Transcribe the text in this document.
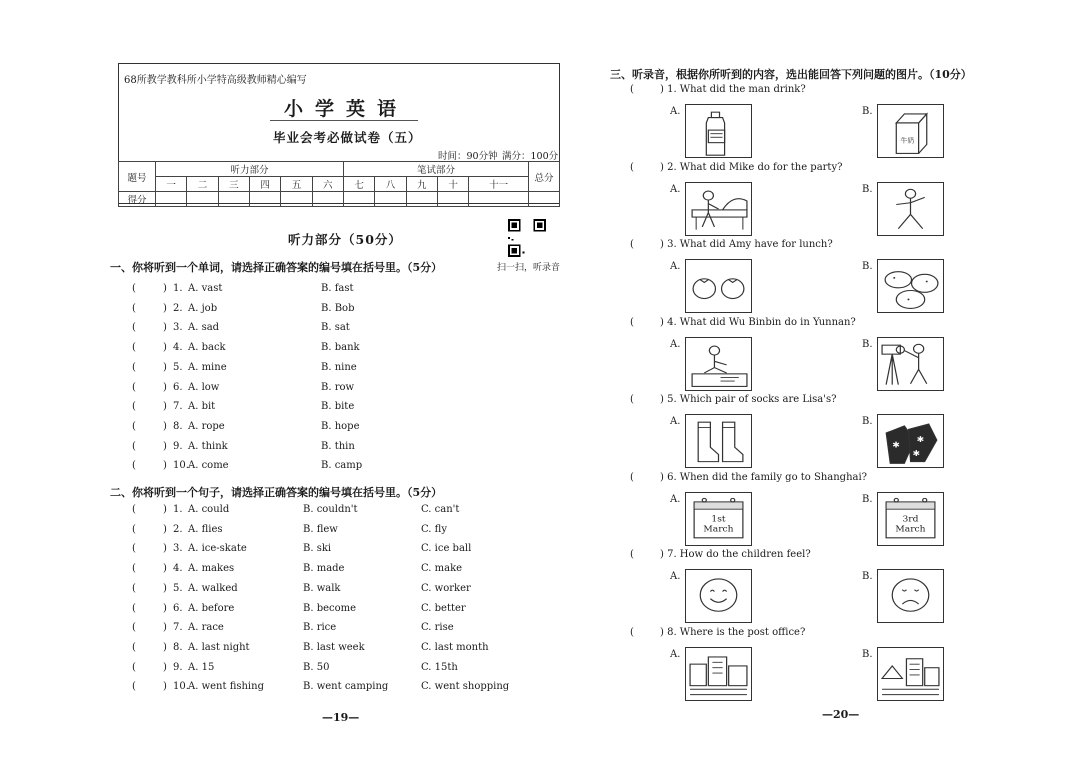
68所教学教科所小学特高级教师精心编写
小学英语
毕业会考必做试卷（五）
时间：90分钟 满分：100分
题号	听力部分						笔试部分					总分
	一	二	三	四	五	六	七	八	九	十	十一	
得分												
听力部分（50分）
扫一扫，听录音
一、你将听到一个单词，请选择正确答案的编号填在括号里。（5分）
(	) 1. A. vast	B. fast
(	) 2. A. job	B. Bob
(	) 3. A. sad	B. sat
(	) 4. A. back	B. bank
(	) 5. A. mine	B. nine
(	) 6. A. low	B. row
(	) 7. A. bit	B. bite
(	) 8. A. rope	B. hope
(	) 9. A. think	B. thin
(	) 10. A. come	B. camp
二、你将听到一个句子，请选择正确答案的编号填在括号里。（5分）
(	) 1. A. could	B. couldn't	C. can't
(	) 2. A. flies	B. flew	C. fly
(	) 3. A. ice-skate	B. ski	C. ice ball
(	) 4. A. makes	B. made	C. make
(	) 5. A. walked	B. walk	C. worker
(	) 6. A. before	B. become	C. better
(	) 7. A. race	B. rice	C. rise
(	) 8. A. last night	B. last week	C. last month
(	) 9. A. 15	B. 50	C. 15th
(	) 10. A. went fishing	B. went camping	C. went shopping
—19—
三、听录音，根据你所听到的内容，选出能回答下列问题的图片。（10分）
(	) 1. What did the man drink?
A.	B.
牛奶
(	) 2. What did Mike do for the party?
A.	B.
(	) 3. What did Amy have for lunch?
A.	B.
(	) 4. What did Wu Binbin do in Yunnan?
A.	B.
(	) 5. Which pair of socks are Lisa's?
A.	B.
✱
✱
✱
(	) 6. When did the family go to Shanghai?
A.	B.
1st
March
3rd
March
(	) 7. How do the children feel?
A.	B.
(	) 8. Where is the post office?
A.	B.
—20—
